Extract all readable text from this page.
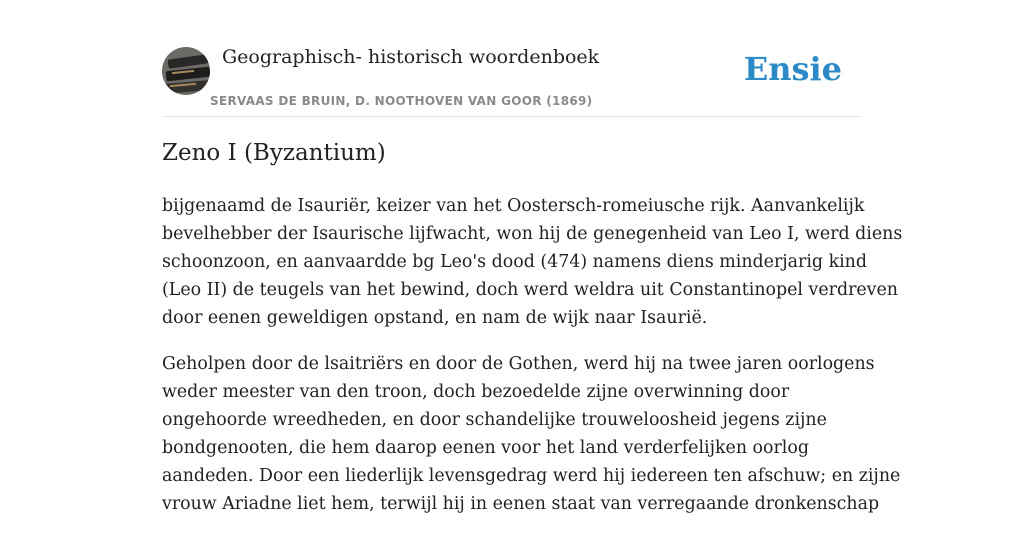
Geographisch- historisch woordenboek
SERVAAS DE BRUIN, D. NOOTHOVEN VAN GOOR (1869)
Ensie
Zeno I (Byzantium)

bijgenaamd de Isauriër, keizer van het Oostersch-romeiusche rijk. Aanvankelijk
bevelhebber der Isaurische lijfwacht, won hij de genegenheid van Leo I, werd diens
schoonzoon, en aanvaardde bg Leo's dood (474) namens diens minderjarig kind
(Leo II) de teugels van het bewind, doch werd weldra uit Constantinopel verdreven
door eenen geweldigen opstand, en nam de wijk naar Isaurië.

Geholpen door de lsaitriërs en door de Gothen, werd hij na twee jaren oorlogens
weder meester van den troon, doch bezoedelde zijne overwinning door
ongehoorde wreedheden, en door schandelijke trouweloosheid jegens zijne
bondgenooten, die hem daarop eenen voor het land verderfelijken oorlog
aandeden. Door een liederlijk levensgedrag werd hij iedereen ten afschuw; en zijne
vrouw Ariadne liet hem, terwijl hij in eenen staat van verregaande dronkenschap
